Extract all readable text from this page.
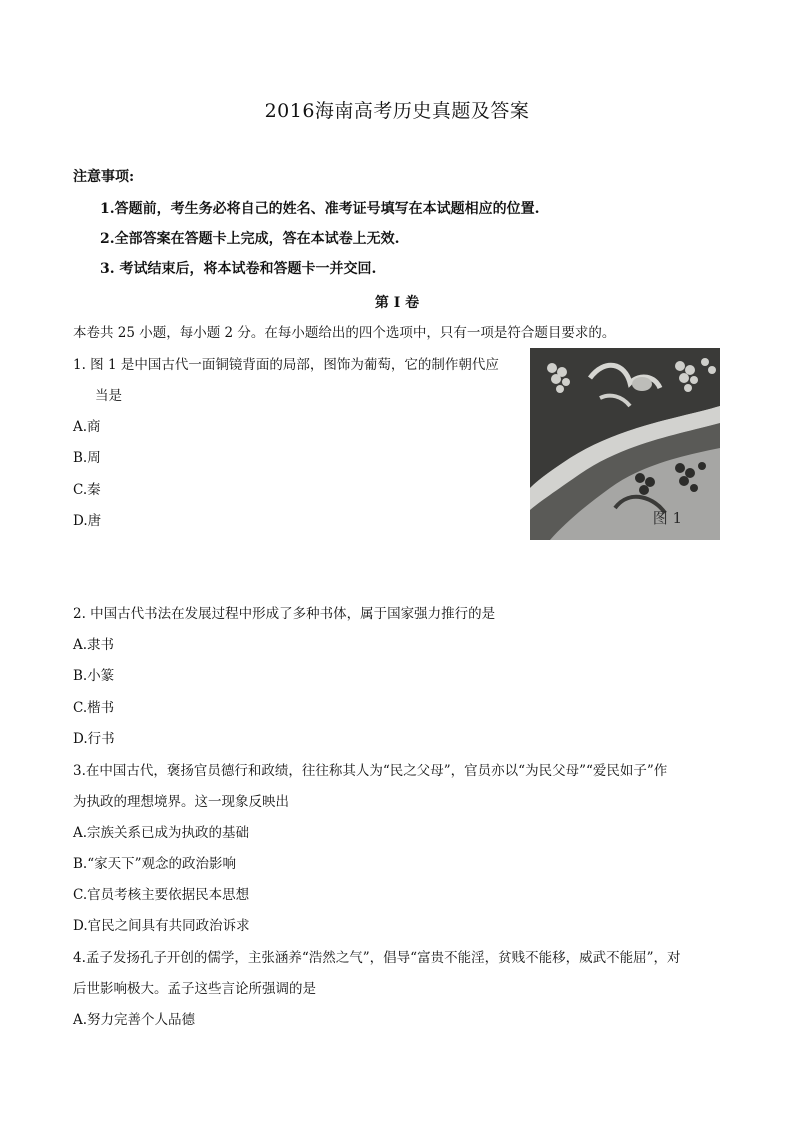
2016海南高考历史真题及答案
注意事项:
1.答题前，考生务必将自己的姓名、准考证号填写在本试题相应的位置.
2.全部答案在答题卡上完成，答在本试卷上无效.
3. 考试结束后，将本试卷和答题卡一并交回.
第 Ⅰ 卷
本卷共 25 小题，每小题 2 分。在每小题给出的四个选项中，只有一项是符合题目要求的。
1. 图 1 是中国古代一面铜镜背面的局部，图饰为葡萄，它的制作朝代应
当是
A.商
B.周
C.秦
D.唐	图 1
2. 中国古代书法在发展过程中形成了多种书体，属于国家强力推行的是
A.隶书
B.小篆
C.楷书
D.行书
3.在中国古代，褒扬官员德行和政绩，往往称其人为“民之父母”，官员亦以“为民父母”“爱民如子”作
为执政的理想境界。这一现象反映出
A.宗族关系已成为执政的基础
B.“家天下”观念的政治影响
C.官员考核主要依据民本思想
D.官民之间具有共同政治诉求
4.孟子发扬孔子开创的儒学，主张涵养“浩然之气”，倡导“富贵不能淫，贫贱不能移，威武不能屈”，对
后世影响极大。孟子这些言论所强调的是
A.努力完善个人品德
